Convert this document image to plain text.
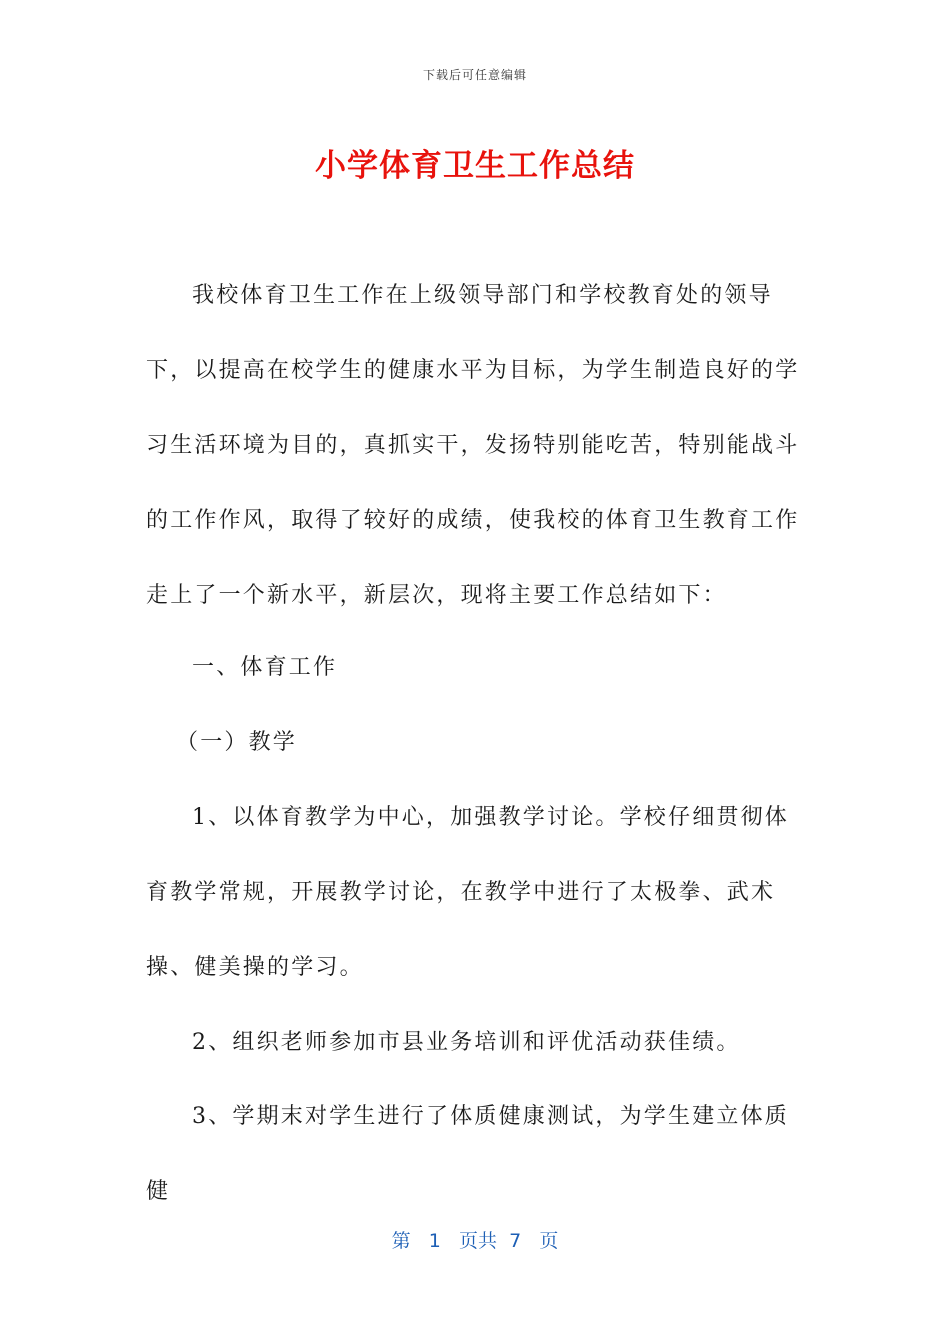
下载后可任意编辑
小学体育卫生工作总结

我校体育卫生工作在上级领导部门和学校教育处的领导下，以提高在校学生的健康水平为目标，为学生制造良好的学习生活环境为目的，真抓实干，发扬特别能吃苦，特别能战斗的工作作风，取得了较好的成绩，使我校的体育卫生教育工作走上了一个新水平，新层次，现将主要工作总结如下：

一、体育工作

（一）教学

1、以体育教学为中心，加强教学讨论。学校仔细贯彻体育教学常规，开展教学讨论，在教学中进行了太极拳、武术操、健美操的学习。

2、组织老师参加市县业务培训和评优活动获佳绩。

3、学期末对学生进行了体质健康测试，为学生建立体质健

第 1 页共 7 页
